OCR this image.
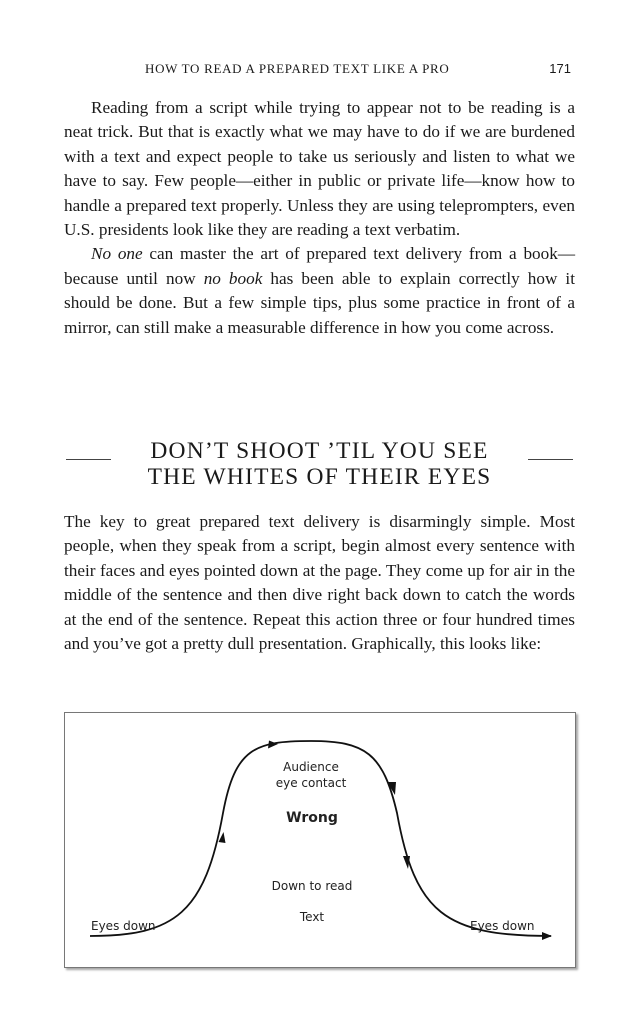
HOW TO READ A PREPARED TEXT LIKE A PRO	171

Reading from a script while trying to appear not to be reading is a neat trick. But that is exactly what we may have to do if we are burdened with a text and expect people to take us seriously and listen to what we have to say. Few people—either in public or private life—know how to handle a prepared text properly. Unless they are using teleprompters, even U.S. presidents look like they are reading a text verbatim.

No one can master the art of prepared text delivery from a book—because until now no book has been able to explain correctly how it should be done. But a few simple tips, plus some practice in front of a mirror, can still make a measurable difference in how you come across.

DON’T SHOOT ’TIL YOU SEE
THE WHITES OF THEIR EYES

The key to great prepared text delivery is disarmingly simple. Most people, when they speak from a script, begin almost every sentence with their faces and eyes pointed down at the page. They come up for air in the middle of the sentence and then dive right back down to catch the words at the end of the sentence. Repeat this action three or four hundred times and you’ve got a pretty dull presentation. Graphically, this looks like:

Audience
eye contact
Wrong
Down to read
Text
Eyes down	Eyes down
